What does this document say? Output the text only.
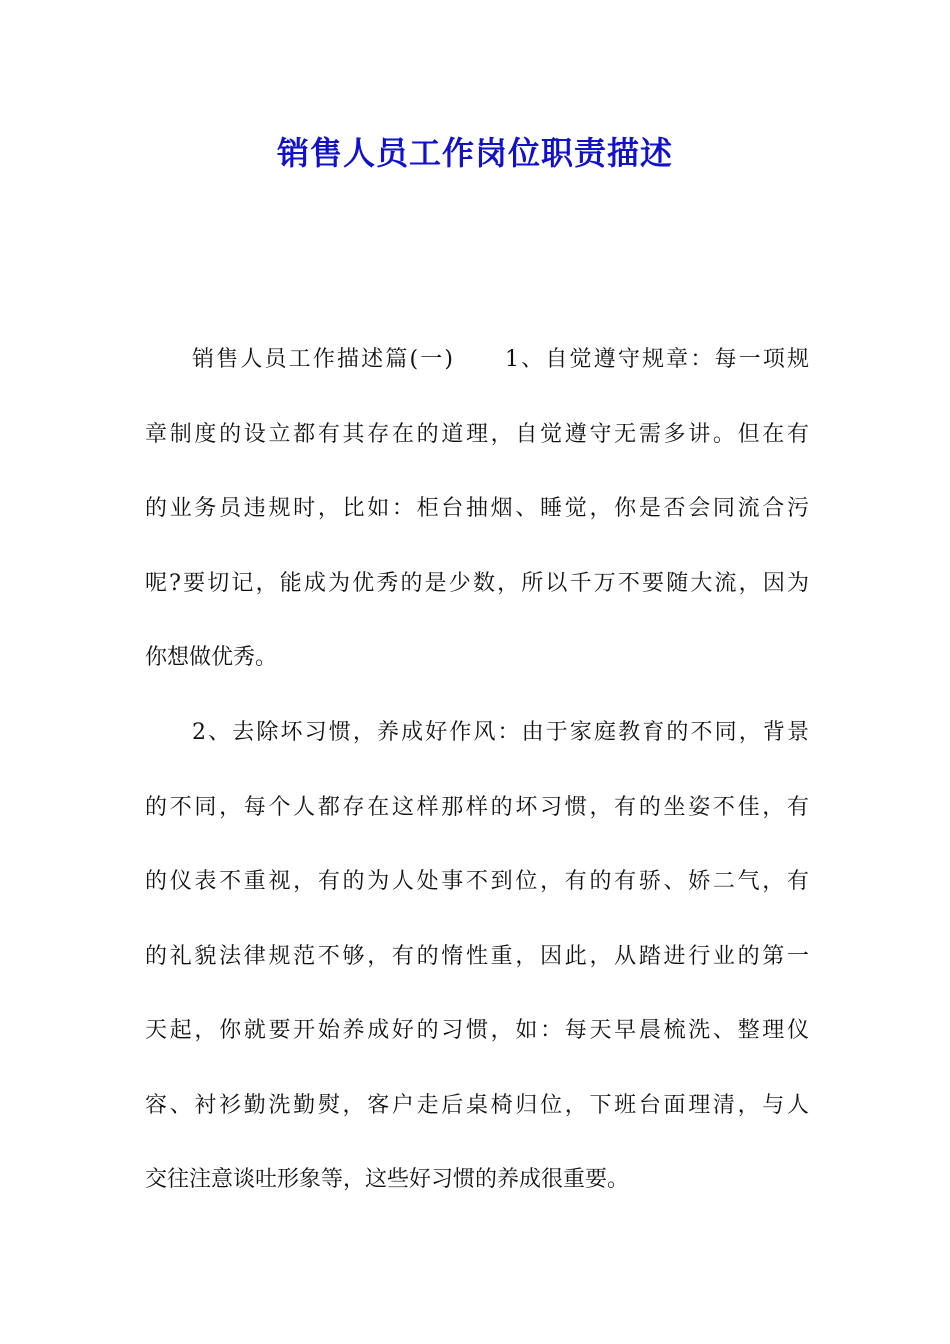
销售人员工作岗位职责描述
销售人员工作描述篇(一) 1、自觉遵守规章：每一项规
章制度的设立都有其存在的道理，自觉遵守无需多讲。但在有
的业务员违规时，比如：柜台抽烟、睡觉，你是否会同流合污
呢?要切记，能成为优秀的是少数，所以千万不要随大流，因为
你想做优秀。
2、去除坏习惯，养成好作风：由于家庭教育的不同，背景
的不同，每个人都存在这样那样的坏习惯，有的坐姿不佳，有
的仪表不重视，有的为人处事不到位，有的有骄、娇二气，有
的礼貌法律规范不够，有的惰性重，因此，从踏进行业的第一
天起，你就要开始养成好的习惯，如：每天早晨梳洗、整理仪
容、衬衫勤洗勤熨，客户走后桌椅归位，下班台面理清，与人
交往注意谈吐形象等，这些好习惯的养成很重要。
